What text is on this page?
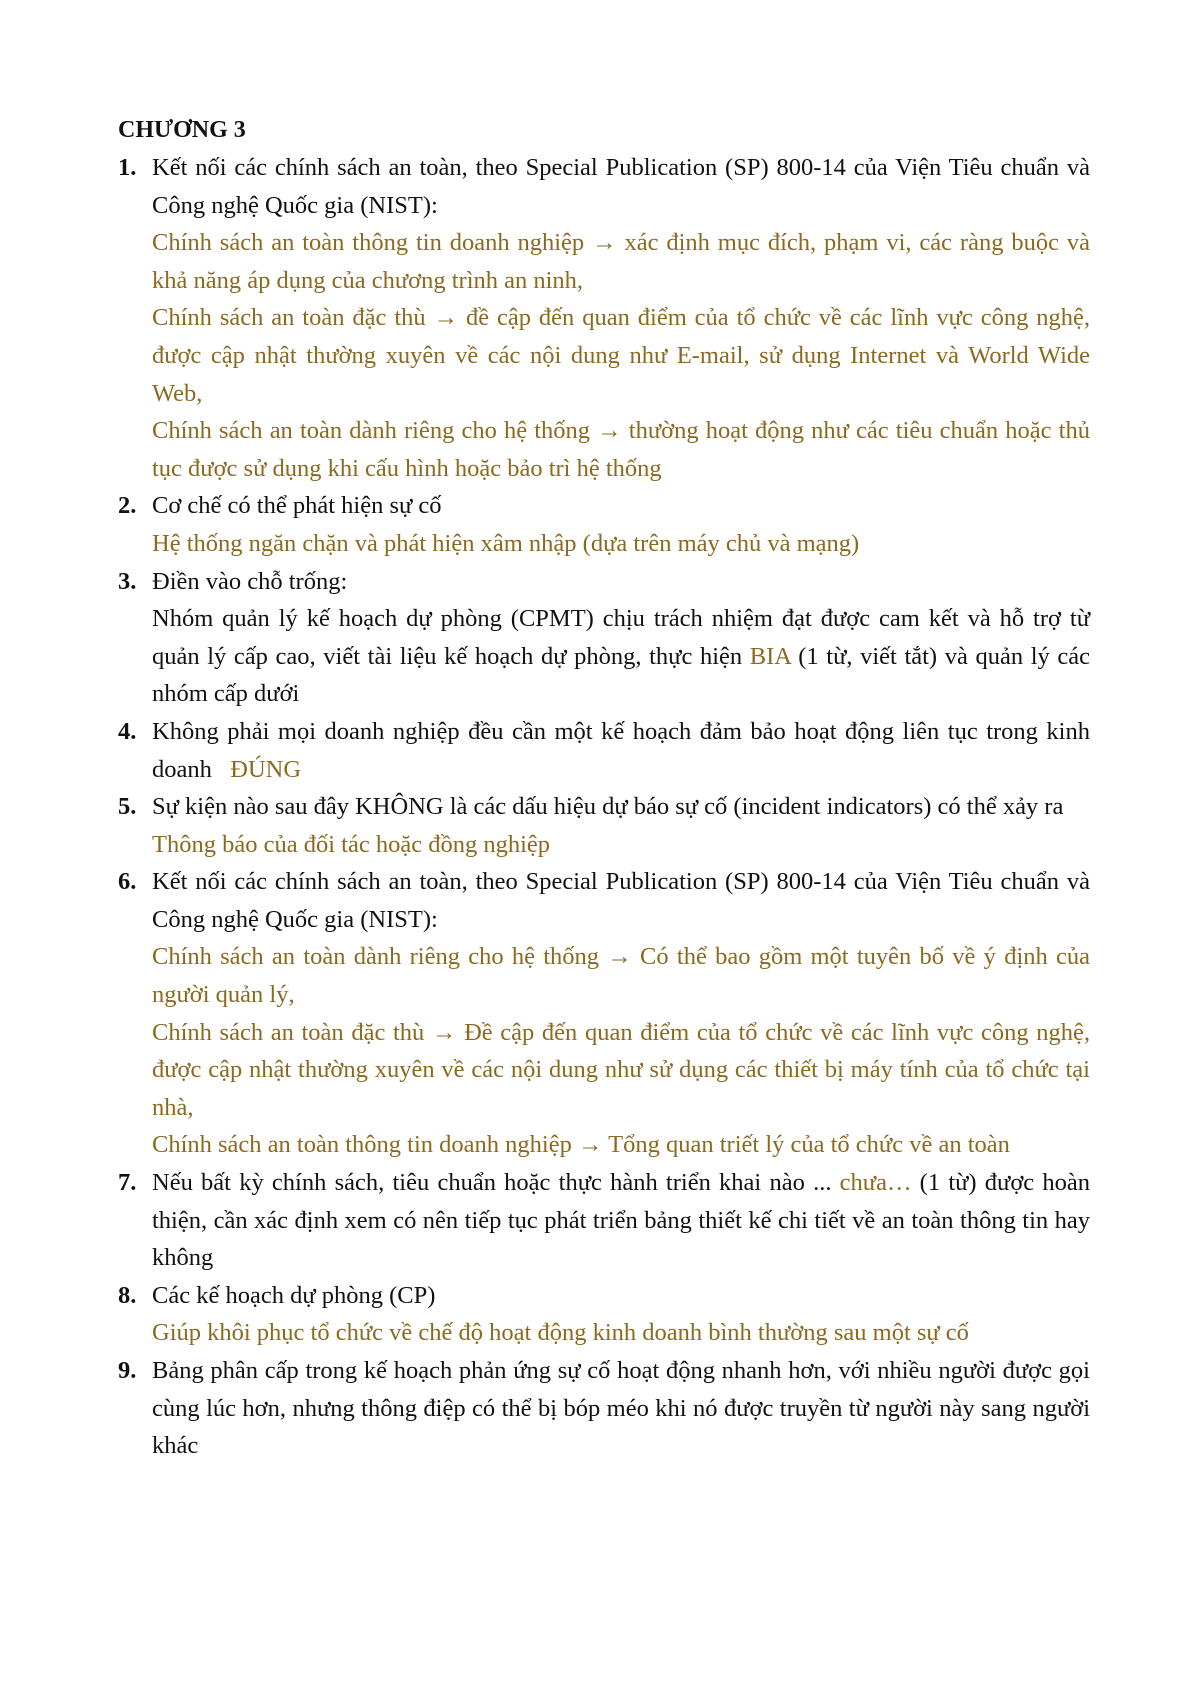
CHƯƠNG 3

1. Kết nối các chính sách an toàn, theo Special Publication (SP) 800-14 của Viện Tiêu chuẩn và Công nghệ Quốc gia (NIST):
Chính sách an toàn thông tin doanh nghiệp → xác định mục đích, phạm vi, các ràng buộc và khả năng áp dụng của chương trình an ninh,
Chính sách an toàn đặc thù → đề cập đến quan điểm của tổ chức về các lĩnh vực công nghệ, được cập nhật thường xuyên về các nội dung như E-mail, sử dụng Internet và World Wide Web,
Chính sách an toàn dành riêng cho hệ thống → thường hoạt động như các tiêu chuẩn hoặc thủ tục được sử dụng khi cấu hình hoặc bảo trì hệ thống
2. Cơ chế có thể phát hiện sự cố
Hệ thống ngăn chặn và phát hiện xâm nhập (dựa trên máy chủ và mạng)
3. Điền vào chỗ trống:
Nhóm quản lý kế hoạch dự phòng (CPMT) chịu trách nhiệm đạt được cam kết và hỗ trợ từ quản lý cấp cao, viết tài liệu kế hoạch dự phòng, thực hiện BIA (1 từ, viết tắt) và quản lý các nhóm cấp dưới
4. Không phải mọi doanh nghiệp đều cần một kế hoạch đảm bảo hoạt động liên tục trong kinh doanh ĐÚNG
5. Sự kiện nào sau đây KHÔNG là các dấu hiệu dự báo sự cố (incident indicators) có thể xảy ra
Thông báo của đối tác hoặc đồng nghiệp
6. Kết nối các chính sách an toàn, theo Special Publication (SP) 800-14 của Viện Tiêu chuẩn và Công nghệ Quốc gia (NIST):
Chính sách an toàn dành riêng cho hệ thống → Có thể bao gồm một tuyên bố về ý định của người quản lý,
Chính sách an toàn đặc thù → Đề cập đến quan điểm của tổ chức về các lĩnh vực công nghệ, được cập nhật thường xuyên về các nội dung như sử dụng các thiết bị máy tính của tổ chức tại nhà,
Chính sách an toàn thông tin doanh nghiệp → Tổng quan triết lý của tổ chức về an toàn
7. Nếu bất kỳ chính sách, tiêu chuẩn hoặc thực hành triển khai nào ... chưa… (1 từ) được hoàn thiện, cần xác định xem có nên tiếp tục phát triển bảng thiết kế chi tiết về an toàn thông tin hay không
8. Các kế hoạch dự phòng (CP)
Giúp khôi phục tổ chức về chế độ hoạt động kinh doanh bình thường sau một sự cố
9. Bảng phân cấp trong kế hoạch phản ứng sự cố hoạt động nhanh hơn, với nhiều người được gọi cùng lúc hơn, nhưng thông điệp có thể bị bóp méo khi nó được truyền từ người này sang người khác
